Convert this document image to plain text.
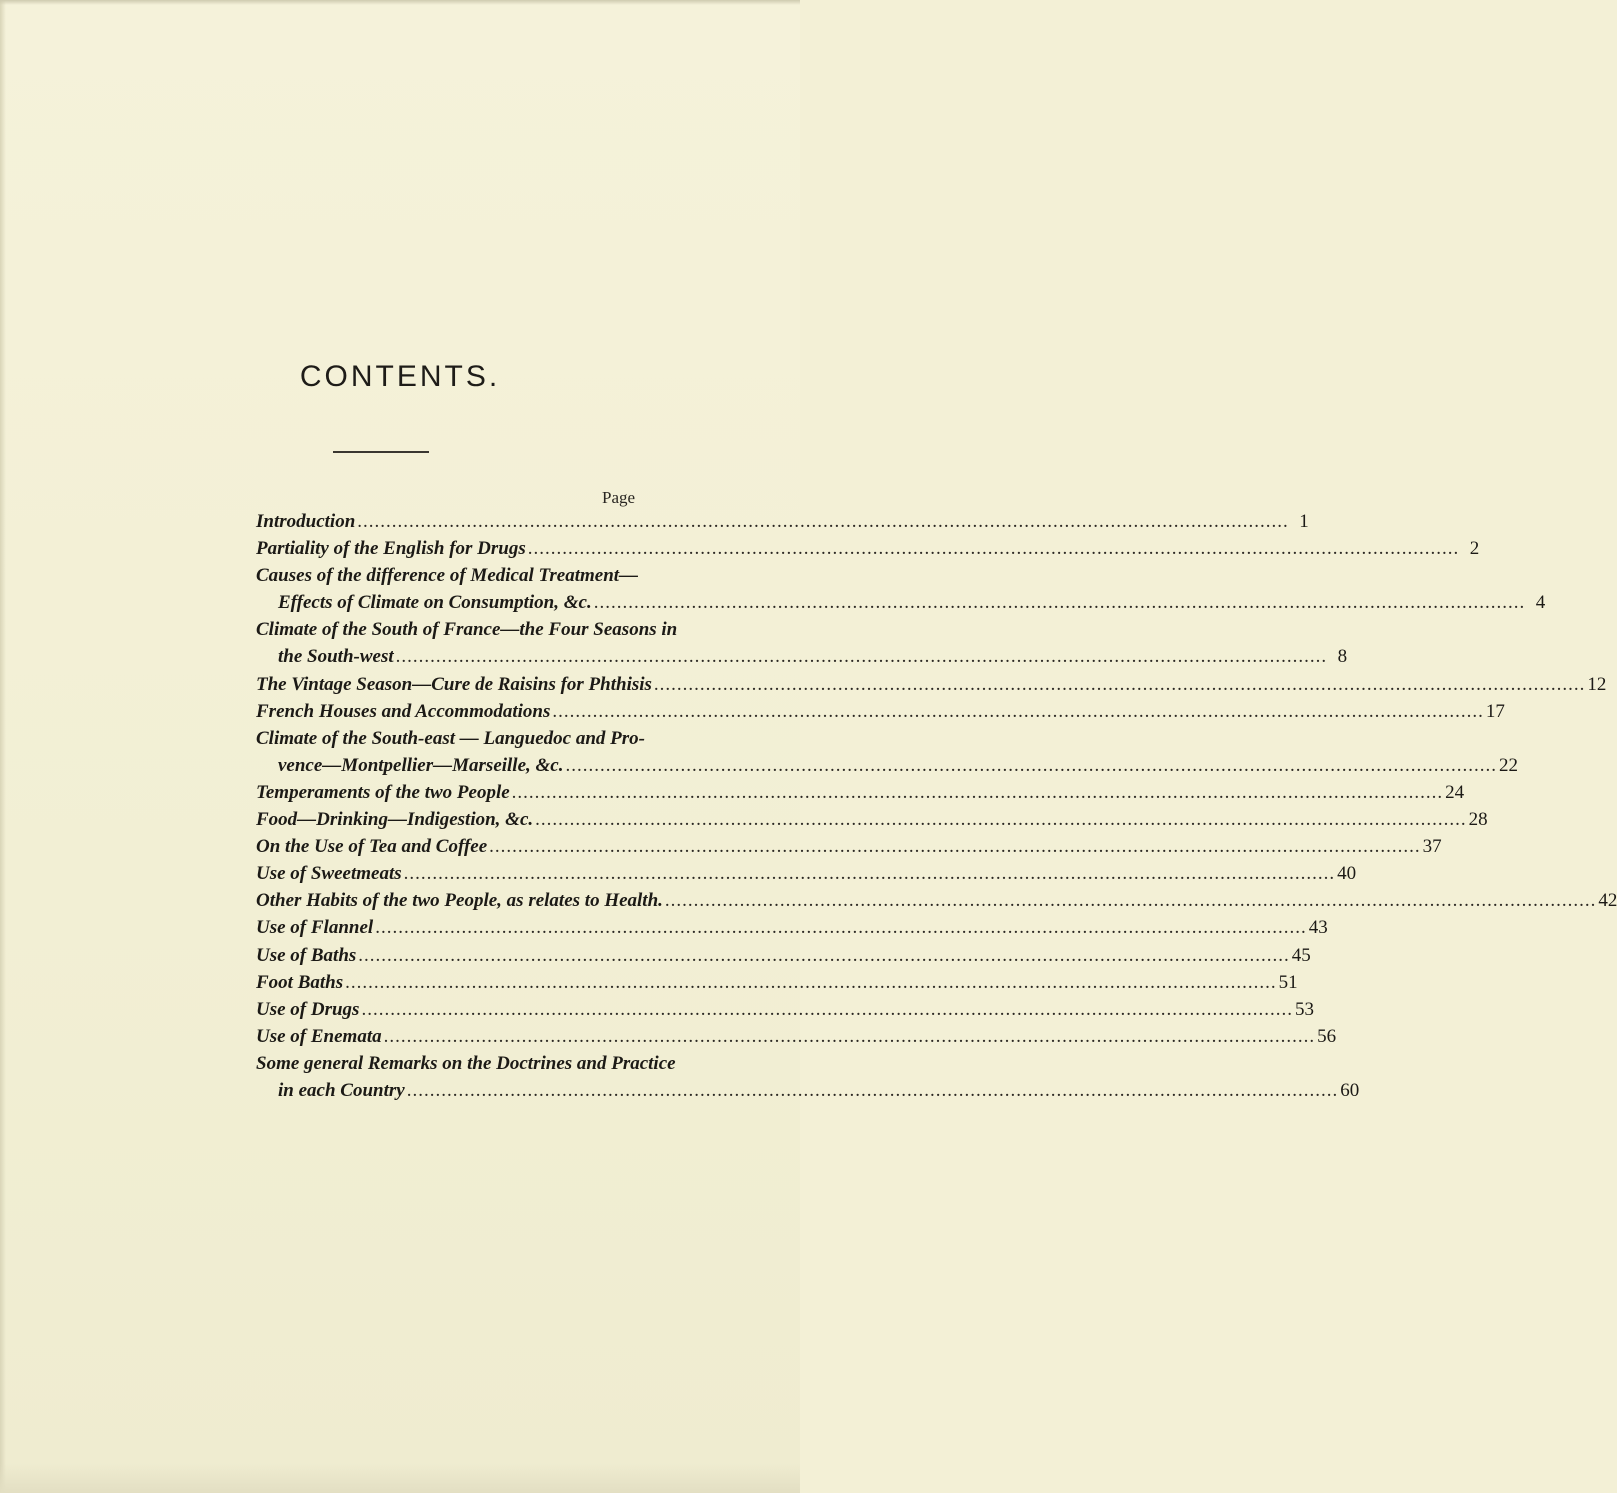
CONTENTS.
Page
Introduction .....	1
Partiality of the English for Drugs .....	2
Causes of the difference of Medical Treatment—
Effects of Climate on Consumption, &c. .....	4
Climate of the South of France—the Four Seasons in
the South-west .....	8
The Vintage Season—Cure de Raisins for Phthisis .....	12
French Houses and Accommodations .....	17
Climate of the South-east — Languedoc and Pro-
vence—Montpellier—Marseille, &c. .....	22
Temperaments of the two People .....	24
Food—Drinking—Indigestion, &c. .....	28
On the Use of Tea and Coffee .....	37
Use of Sweetmeats .....	40
Other Habits of the two People, as relates to Health. .....	42
Use of Flannel .....	43
Use of Baths .....	45
Foot Baths .....	51
Use of Drugs .....	53
Use of Enemata .....	56
Some general Remarks on the Doctrines and Practice
in each Country .....	60
